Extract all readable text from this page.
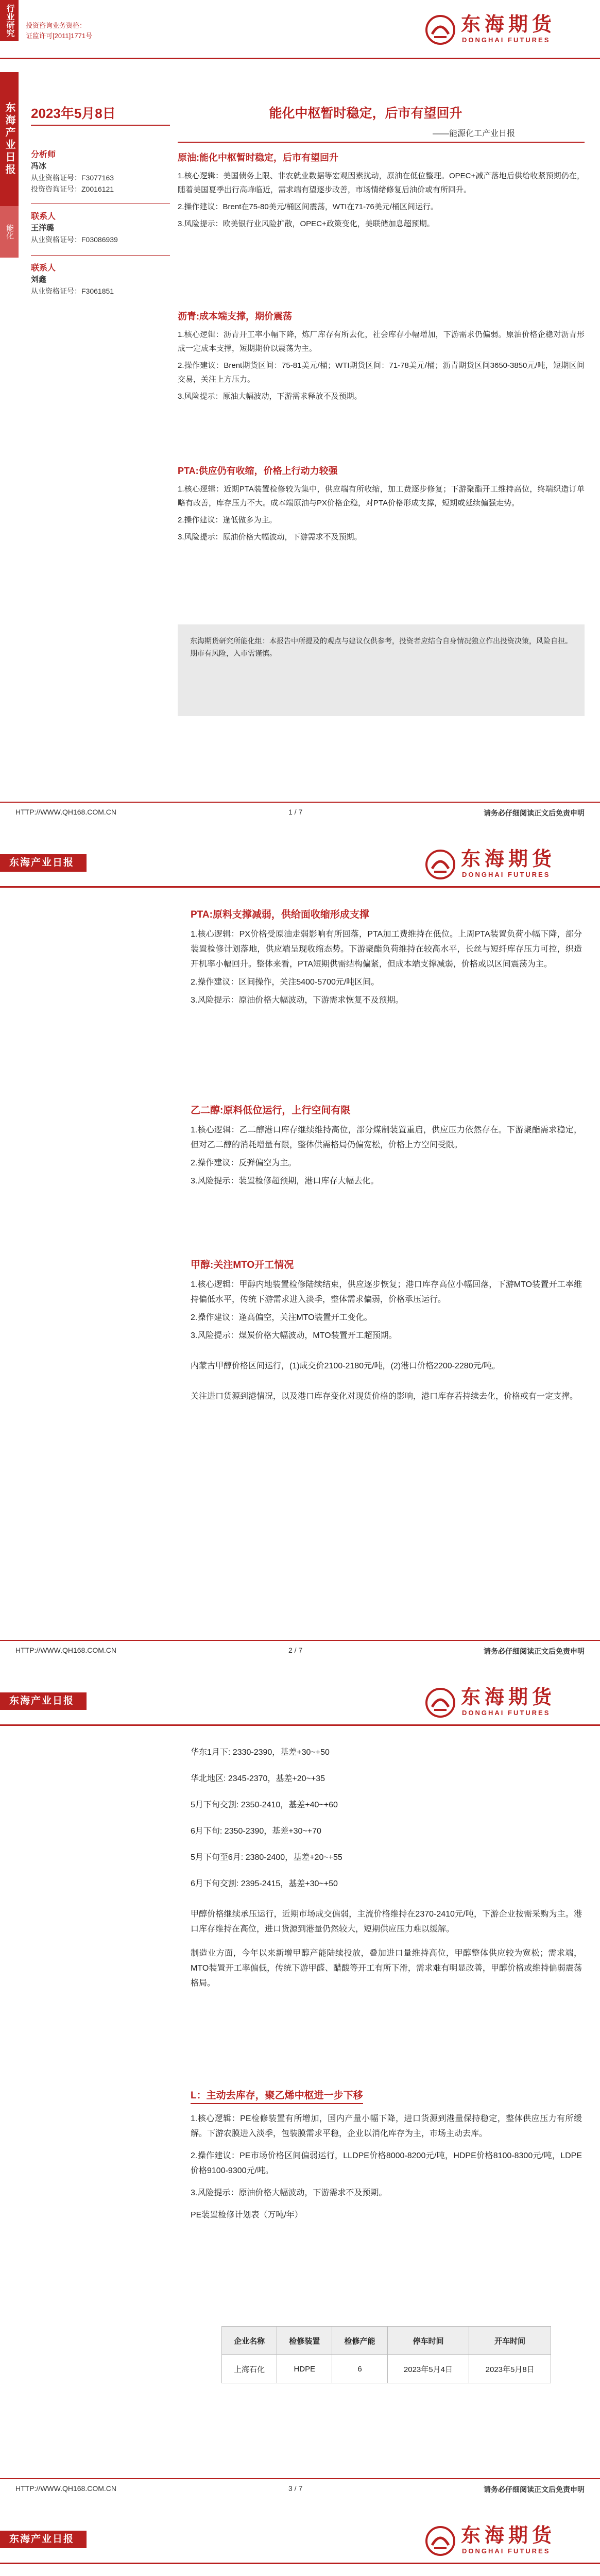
行业研究	投资咨询业务资格：
证监许可[2011]1771号
东海期货
DONGHAI FUTURES
东海产业日报
能化
2023年5月8日
分析师
冯冰
从业资格证号：F3077163
投资咨询证号：Z0016121
联系人
王洋璐
从业资格证号：F03086939
联系人
刘鑫
从业资格证号：F3061851
能化中枢暂时稳定，后市有望回升
——能源化工产业日报
原油:能化中枢暂时稳定，后市有望回升

1.核心逻辑：美国债务上限、非农就业数据等宏观因素扰动，原油在低位整理。OPEC+减产落地后供给收紧预期仍在，随着美国夏季出行高峰临近，需求端有望逐步改善，市场情绪修复后油价或有所回升。

2.操作建议：Brent在75-80美元/桶区间震荡，WTI在71-76美元/桶区间运行。

3.风险提示：欧美银行业风险扩散，OPEC+政策变化，美联储加息超预期。

沥青:成本端支撑，期价震荡

1.核心逻辑：沥青开工率小幅下降，炼厂库存有所去化，社会库存小幅增加，下游需求仍偏弱。原油价格企稳对沥青形成一定成本支撑，短期期价以震荡为主。

2.操作建议：Brent期货区间：75-81美元/桶；WTI期货区间：71-78美元/桶；沥青期货区间3650-3850元/吨，短期区间交易，关注上方压力。

3.风险提示：原油大幅波动，下游需求释放不及预期。

PTA:供应仍有收缩，价格上行动力较强

1.核心逻辑：近期PTA装置检修较为集中，供应端有所收缩，加工费逐步修复；下游聚酯开工维持高位，终端织造订单略有改善，库存压力不大。成本端原油与PX价格企稳，对PTA价格形成支撑，短期或延续偏强走势。

2.操作建议：逢低做多为主。

3.风险提示：原油价格大幅波动，下游需求不及预期。

东海期货研究所能化组：本报告中所提及的观点与建议仅供参考，投资者应结合自身情况独立作出投资决策，风险自担。期市有风险，入市需谨慎。

HTTP://WWW.QH168.COM.CN	1 / 7	请务必仔细阅读正文后免责申明
东海产业日报	东海期货
DONGHAI FUTURES
PTA:原料支撑减弱，供给面收缩形成支撑

1.核心逻辑：PX价格受原油走弱影响有所回落，PTA加工费维持在低位。上周PTA装置负荷小幅下降，部分装置检修计划落地，供应端呈现收缩态势。下游聚酯负荷维持在较高水平，长丝与短纤库存压力可控，织造开机率小幅回升。整体来看，PTA短期供需结构偏紧，但成本端支撑减弱，价格或以区间震荡为主。

2.操作建议：区间操作，关注5400-5700元/吨区间。

3.风险提示：原油价格大幅波动，下游需求恢复不及预期。

乙二醇:原料低位运行，上行空间有限

1.核心逻辑：乙二醇港口库存继续维持高位，部分煤制装置重启，供应压力依然存在。下游聚酯需求稳定，但对乙二醇的消耗增量有限，整体供需格局仍偏宽松，价格上方空间受限。

2.操作建议：反弹偏空为主。

3.风险提示：装置检修超预期，港口库存大幅去化。

甲醇:关注MTO开工情况

1.核心逻辑：甲醇内地装置检修陆续结束，供应逐步恢复；港口库存高位小幅回落，下游MTO装置开工率维持偏低水平，传统下游需求进入淡季，整体需求偏弱，价格承压运行。

2.操作建议：逢高偏空，关注MTO装置开工变化。

3.风险提示：煤炭价格大幅波动，MTO装置开工超预期。

内蒙古甲醇价格区间运行，(1)成交价2100-2180元/吨，(2)港口价格2200-2280元/吨。

关注进口货源到港情况，以及港口库存变化对现货价格的影响，港口库存若持续去化，价格或有一定支撑。

HTTP://WWW.QH168.COM.CN	2 / 7	请务必仔细阅读正文后免责申明
东海产业日报	东海期货
DONGHAI FUTURES

华东1月下: 2330-2390，基差+30~+50

华北地区: 2345-2370，基差+20~+35

5月下旬交割: 2350-2410，基差+40~+60

6月下旬: 2350-2390，基差+30~+70

5月下旬至6月: 2380-2400，基差+20~+55

6月下旬交割: 2395-2415，基差+30~+50

甲醇价格继续承压运行，近期市场成交偏弱，主流价格维持在2370-2410元/吨，下游企业按需采购为主。港口库存维持在高位，进口货源到港量仍然较大，短期供应压力难以缓解。

制造业方面，今年以来新增甲醇产能陆续投放，叠加进口量维持高位，甲醇整体供应较为宽松；需求端，MTO装置开工率偏低，传统下游甲醛、醋酸等开工有所下滑，需求难有明显改善，甲醇价格或维持偏弱震荡格局。

L：主动去库存，聚乙烯中枢进一步下移

1.核心逻辑：PE检修装置有所增加，国内产量小幅下降，进口货源到港量保持稳定，整体供应压力有所缓解。下游农膜进入淡季，包装膜需求平稳，企业以消化库存为主，市场主动去库。

2.操作建议：PE市场价格区间偏弱运行，LLDPE价格8000-8200元/吨，HDPE价格8100-8300元/吨，LDPE价格9100-9300元/吨。

3.风险提示：原油价格大幅波动，下游需求不及预期。

PE装置检修计划表（万吨/年）

企业名称	检修装置	检修产能	停车时间	开车时间
上海石化	HDPE	6	2023年5月4日	2023年5月8日
HTTP://WWW.QH168.COM.CN	3 / 7	请务必仔细阅读正文后免责申明
东海产业日报	东海期货
DONGHAI FUTURES
